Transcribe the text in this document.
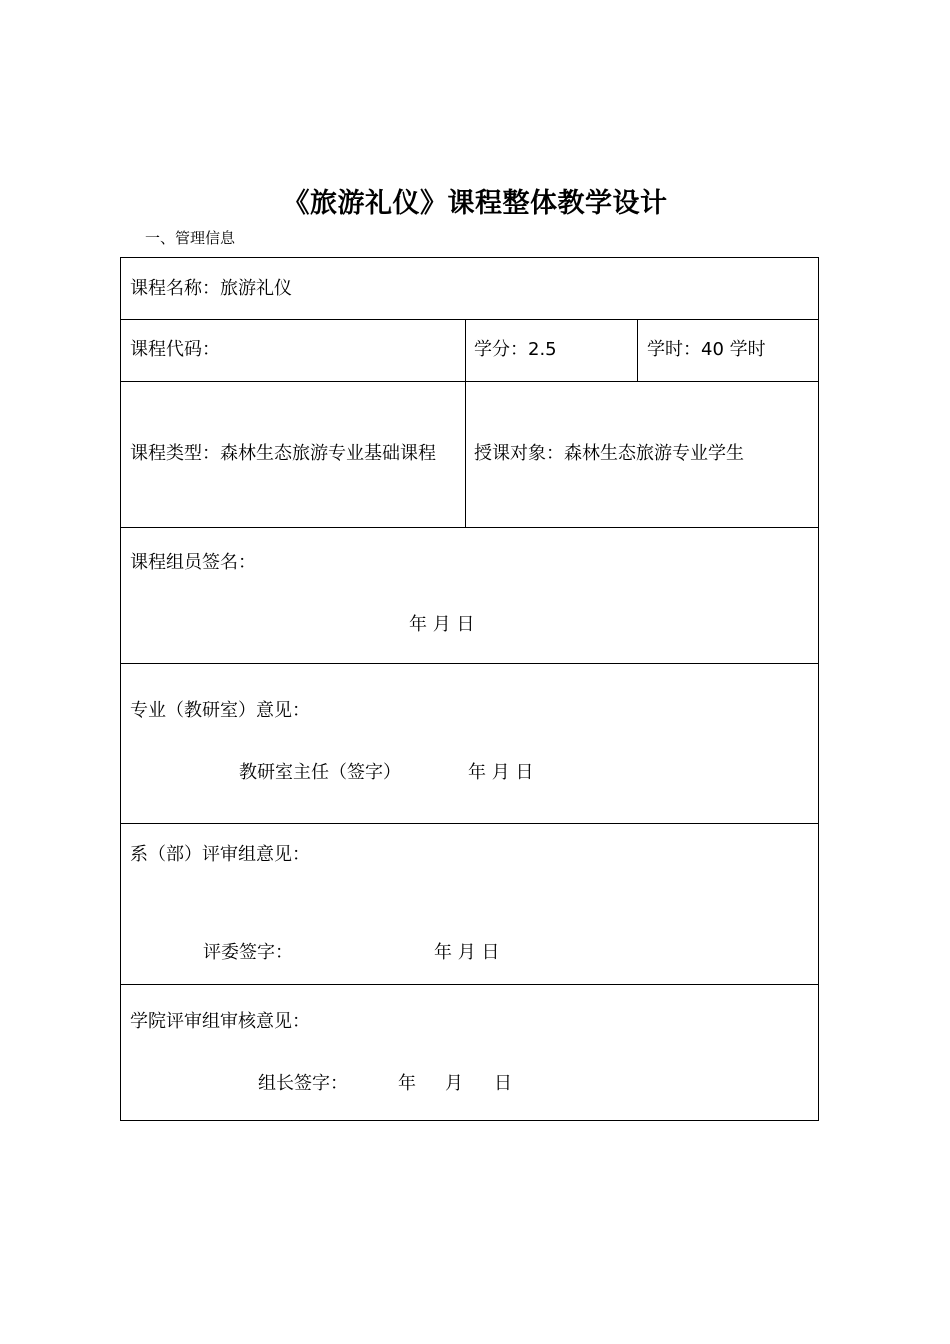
《旅游礼仪》课程整体教学设计
一、管理信息
课程名称：旅游礼仪
课程代码：	学分：2.5	学时：40 学时
课程类型：森林生态旅游专业基础课程 授课对象：森林生态旅游专业学生
课程组员签名：
年 月 日
专业（教研室）意见：
教研室主任（签字）	年 月 日
系（部）评审组意见：
评委签字：	年 月 日
学院评审组审核意见：
组长签字：	年 月 日
